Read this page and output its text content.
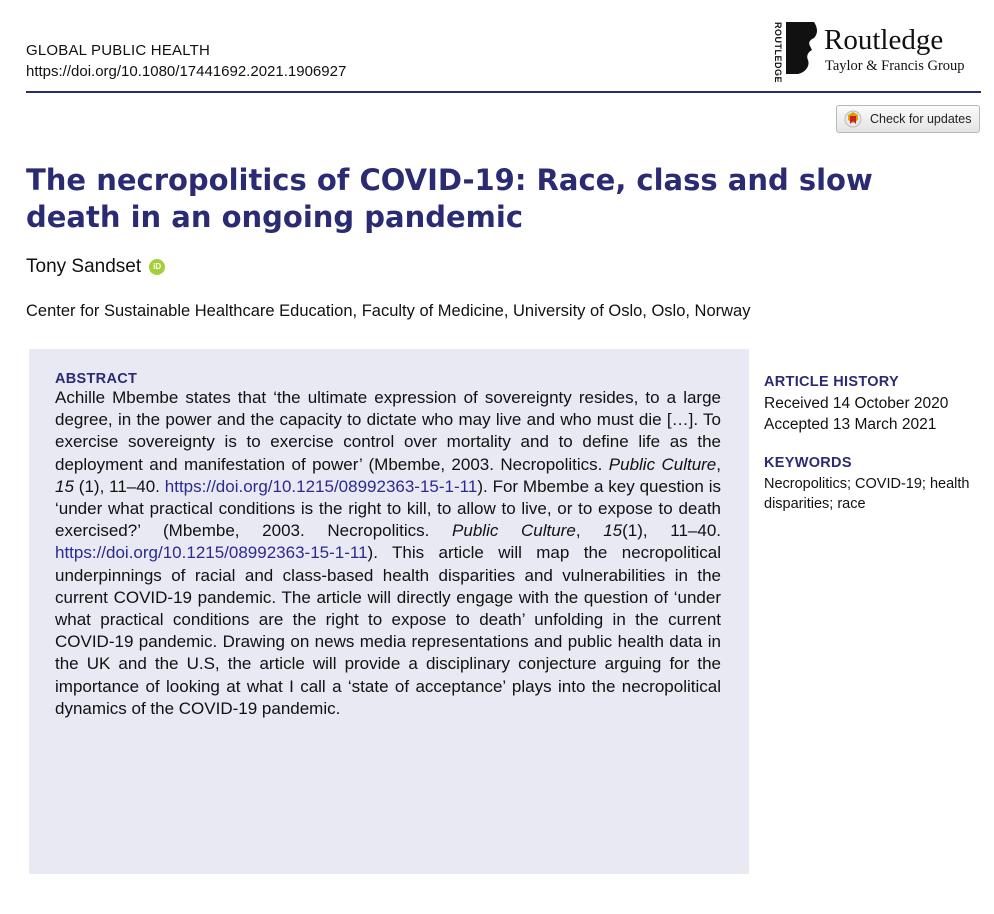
GLOBAL PUBLIC HEALTH
https://doi.org/10.1080/17441692.2021.1906927	ROUTLEDGE Routledge
Taylor & Francis Group
Check for updates
The necropolitics of COVID-19: Race, class and slow death in an ongoing pandemic
Tony Sandset	iD
Center for Sustainable Healthcare Education, Faculty of Medicine, University of Oslo, Oslo, Norway
ABSTRACT
Achille Mbembe states that ‘the ultimate expression of sovereignty resides, to a large degree, in the power and the capacity to dictate who may live and who must die […]. To exercise sovereignty is to exercise control over mortality and to define life as the deployment and manifestation of power’ (Mbembe, 2003. Necropolitics. Public Culture, 15 (1), 11–40. https://doi.org/10.1215/08992363-15-1-11). For Mbembe a key question is ‘under what practical conditions is the right to kill, to allow to live, or to expose to death exercised?’ (Mbembe, 2003. Necropolitics. Public Culture, 15(1), 11–40. https://doi.org/10.1215/08992363-15-1-11). This article will map the necropolitical underpinnings of racial and class-based health disparities and vulnerabilities in the current COVID-19 pandemic. The article will directly engage with the question of ‘under what practical conditions are the right to expose to death’ unfolding in the current COVID-19 pandemic. Drawing on news media representations and public health data in the UK and the U.S, the article will provide a disciplinary conjecture arguing for the importance of looking at what I call a ‘state of acceptance’ plays into the necropolitical dynamics of the COVID-19 pandemic.
ARTICLE HISTORY
Received 14 October 2020
Accepted 13 March 2021
KEYWORDS
Necropolitics; COVID-19; health disparities; race
